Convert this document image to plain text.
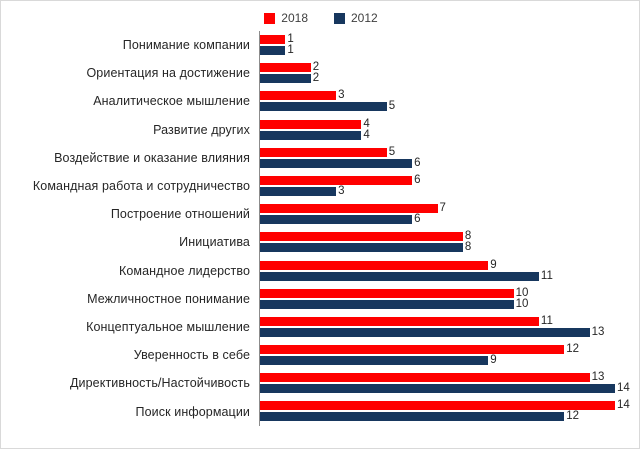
2018	2012
Понимание компании	1
1
Ориентация на достижение	2
2
Аналитическое мышление	3
5
Развитие других	4
4
Воздействие и оказание влияния	5
6
Командная работа и сотрудничество	6
3
Построение отношений	7
6
Инициатива	8
8
Командное лидерство	9
11
Межличностное понимание	10
10
Концептуальное мышление	11
13
Уверенность в себе	12
9
Директивность/Настойчивость	13
14
Поиск информации	14
12
